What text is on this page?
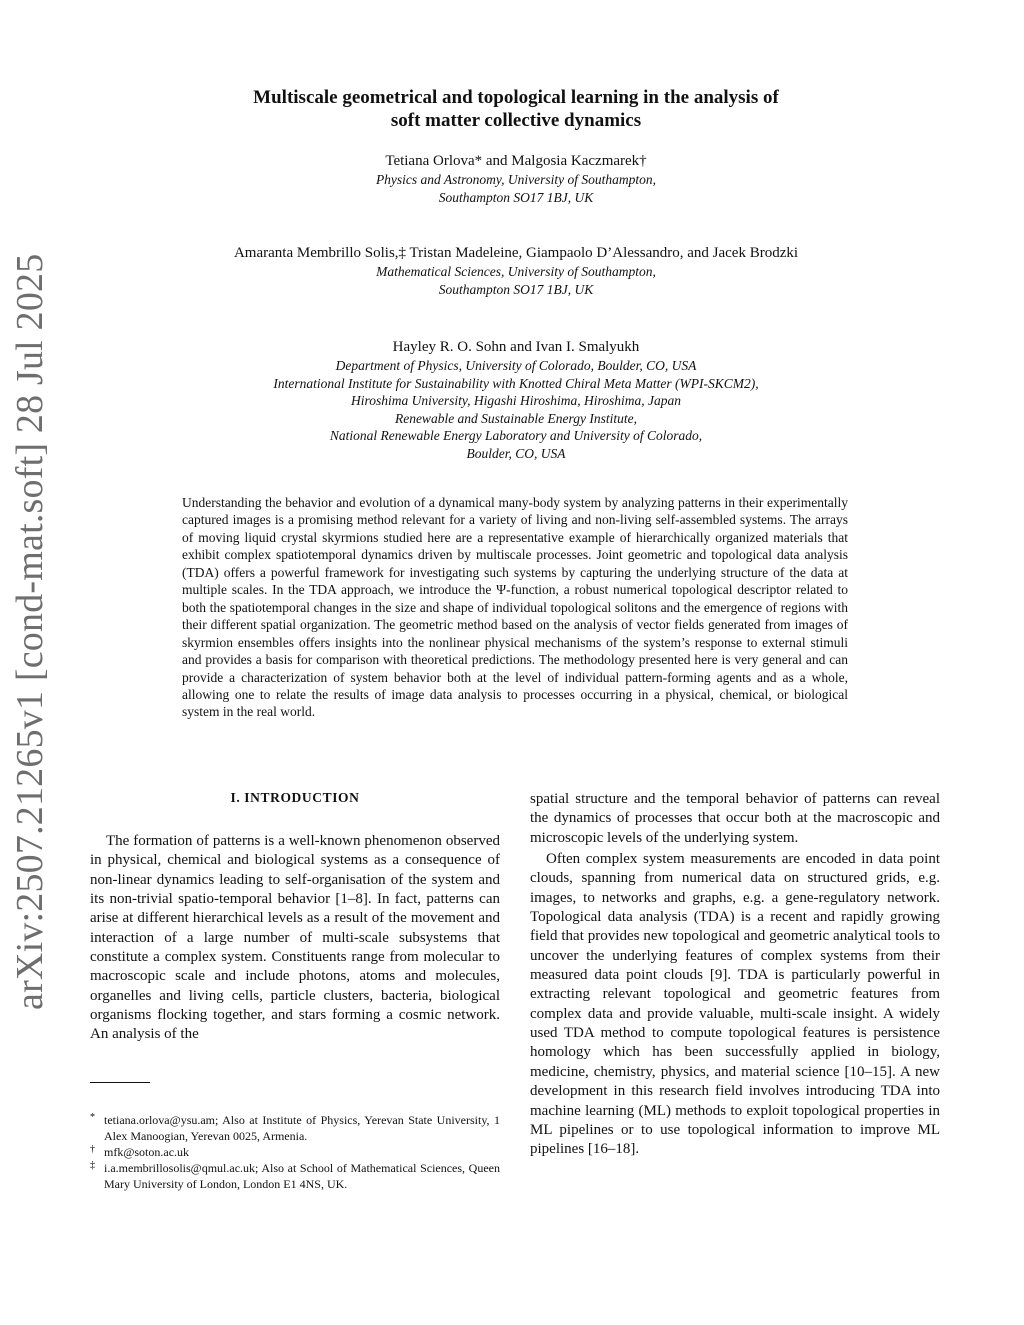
arXiv:2507.21265v1 [cond-mat.soft] 28 Jul 2025
Multiscale geometrical and topological learning in the analysis of
soft matter collective dynamics
Tetiana Orlova* and Malgosia Kaczmarek†
Physics and Astronomy, University of Southampton,
Southampton SO17 1BJ, UK
Amaranta Membrillo Solis,‡ Tristan Madeleine, Giampaolo D’Alessandro, and Jacek Brodzki
Mathematical Sciences, University of Southampton,
Southampton SO17 1BJ, UK
Hayley R. O. Sohn and Ivan I. Smalyukh
Department of Physics, University of Colorado, Boulder, CO, USA
International Institute for Sustainability with Knotted Chiral Meta Matter (WPI-SKCM2),
Hiroshima University, Higashi Hiroshima, Hiroshima, Japan
Renewable and Sustainable Energy Institute,
National Renewable Energy Laboratory and University of Colorado,
Boulder, CO, USA
Understanding the behavior and evolution of a dynamical many-body system by analyzing patterns in their experimentally captured images is a promising method relevant for a variety of living and non-living self-assembled systems. The arrays of moving liquid crystal skyrmions studied here are a representative example of hierarchically organized materials that exhibit complex spatiotemporal dynamics driven by multiscale processes. Joint geometric and topological data analysis (TDA) offers a powerful framework for investigating such systems by capturing the underlying structure of the data at multiple scales. In the TDA approach, we introduce the Ψ-function, a robust numerical topological descriptor related to both the spatiotemporal changes in the size and shape of individual topological solitons and the emergence of regions with their different spatial organization. The geometric method based on the analysis of vector fields generated from images of skyrmion ensembles offers insights into the nonlinear physical mechanisms of the system’s response to external stimuli and provides a basis for comparison with theoretical predictions. The methodology presented here is very general and can provide a characterization of system behavior both at the level of individual pattern-forming agents and as a whole, allowing one to relate the results of image data analysis to processes occurring in a physical, chemical, or biological system in the real world.
I. INTRODUCTION

The formation of patterns is a well-known phenomenon observed in physical, chemical and biological systems as a consequence of non-linear dynamics leading to self-organisation of the system and its non-trivial spatio-temporal behavior [1–8]. In fact, patterns can arise at different hierarchical levels as a result of the movement and interaction of a large number of multi-scale subsystems that constitute a complex system. Constituents range from molecular to macroscopic scale and include photons, atoms and molecules, organelles and living cells, particle clusters, bacteria, biological organisms flocking together, and stars forming a cosmic network. An analysis of the

spatial structure and the temporal behavior of patterns can reveal the dynamics of processes that occur both at the macroscopic and microscopic levels of the underlying system.

Often complex system measurements are encoded in data point clouds, spanning from numerical data on structured grids, e.g. images, to networks and graphs, e.g. a gene-regulatory network. Topological data analysis (TDA) is a recent and rapidly growing field that provides new topological and geometric analytical tools to uncover the underlying features of complex systems from their measured data point clouds [9]. TDA is particularly powerful in extracting relevant topological and geometric features from complex data and provide valuable, multi-scale insight. A widely used TDA method to compute topological features is persistence homology which has been successfully applied in biology, medicine, chemistry, physics, and material science [10–15]. A new development in this research field involves introducing TDA into machine learning (ML) methods to exploit topological properties in ML pipelines or to use topological information to improve ML pipelines [16–18].

* tetiana.orlova@ysu.am; Also at Institute of Physics, Yerevan State University, 1 Alex Manoogian, Yerevan 0025, Armenia.
† mfk@soton.ac.uk
‡ i.a.membrillosolis@qmul.ac.uk; Also at School of Mathematical Sciences, Queen Mary University of London, London E1 4NS, UK.
